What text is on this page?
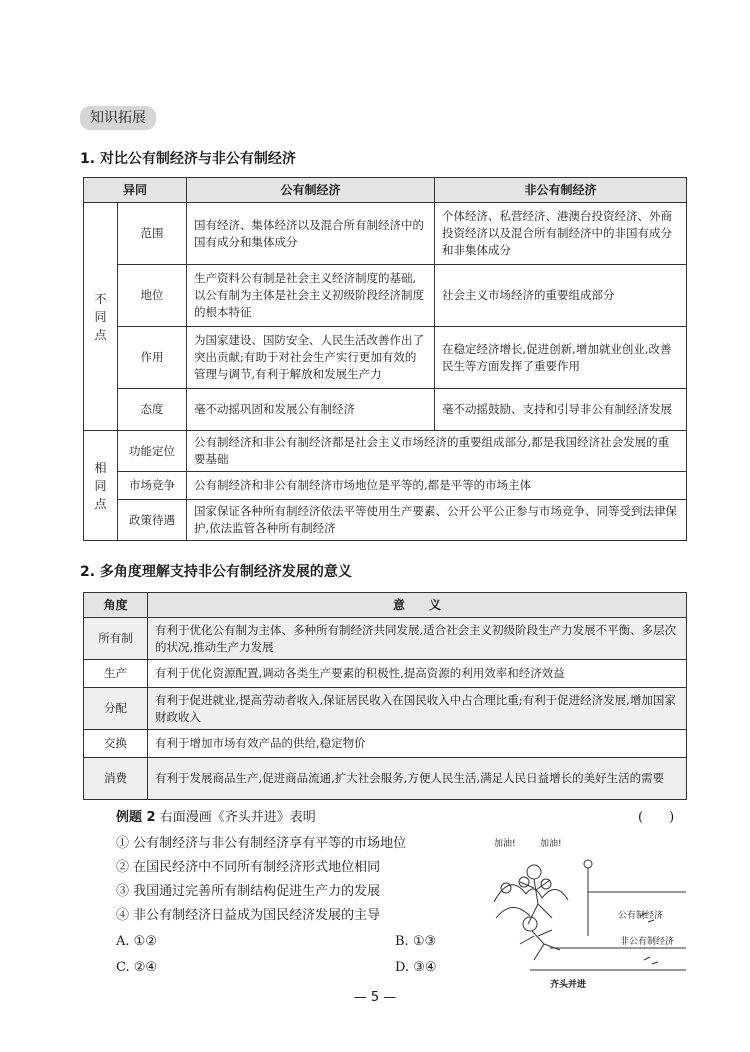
知识拓展
1. 对比公有制经济与非公有制经济
异同		公有制经济	非公有制经济

不
同
点	范围	国有经济、集体经济以及混合所有制经济中的国有成分和集体成分	个体经济、私营经济、港澳台投资经济、外商投资经济以及混合所有制经济中的非国有成分和非集体成分
	地位	生产资料公有制是社会主义经济制度的基础,以公有制为主体是社会主义初级阶段经济制度的根本特征	社会主义市场经济的重要组成部分
	作用	为国家建设、国防安全、人民生活改善作出了突出贡献;有助于对社会生产实行更加有效的管理与调节,有利于解放和发展生产力	在稳定经济增长,促进创新,增加就业创业,改善民生等方面发挥了重要作用
	态度	毫不动摇巩固和发展公有制经济	毫不动摇鼓励、支持和引导非公有制经济发展

相
同
点	功能定位	公有制经济和非公有制经济都是社会主义市场经济的重要组成部分,都是我国经济社会发展的重要基础	
	市场竞争	公有制经济和非公有制经济市场地位是平等的,都是平等的市场主体	
	政策待遇	国家保证各种所有制经济依法平等使用生产要素、公开公平公正参与市场竞争、同等受到法律保护,依法监管各种所有制经济	
2. 多角度理解支持非公有制经济发展的意义
角度	意　　义
所有制	有利于优化公有制为主体、多种所有制经济共同发展,适合社会主义初级阶段生产力发展不平衡、多层次的状况,推动生产力发展
生产	有利于优化资源配置,调动各类生产要素的积极性,提高资源的利用效率和经济效益
分配	有利于促进就业,提高劳动者收入,保证居民收入在国民收入中占合理比重;有利于促进经济发展,增加国家财政收入
交换	有利于增加市场有效产品的供给,稳定物价
消费	有利于发展商品生产,促进商品流通,扩大社会服务,方便人民生活,满足人民日益增长的美好生活的需要
例题 2 右面漫画《齐头并进》表明	(　　)
① 公有制经济与非公有制经济享有平等的市场地位
② 在国民经济中不同所有制经济形式地位相同
③ 我国通过完善所有制结构促进生产力的发展
④ 非公有制经济日益成为国民经济发展的主导
A. ①②	B. ①③
C. ②④	D. ③④
加油!	加油!
公有制经济
非公有制经济
齐头并进
— 5 —
